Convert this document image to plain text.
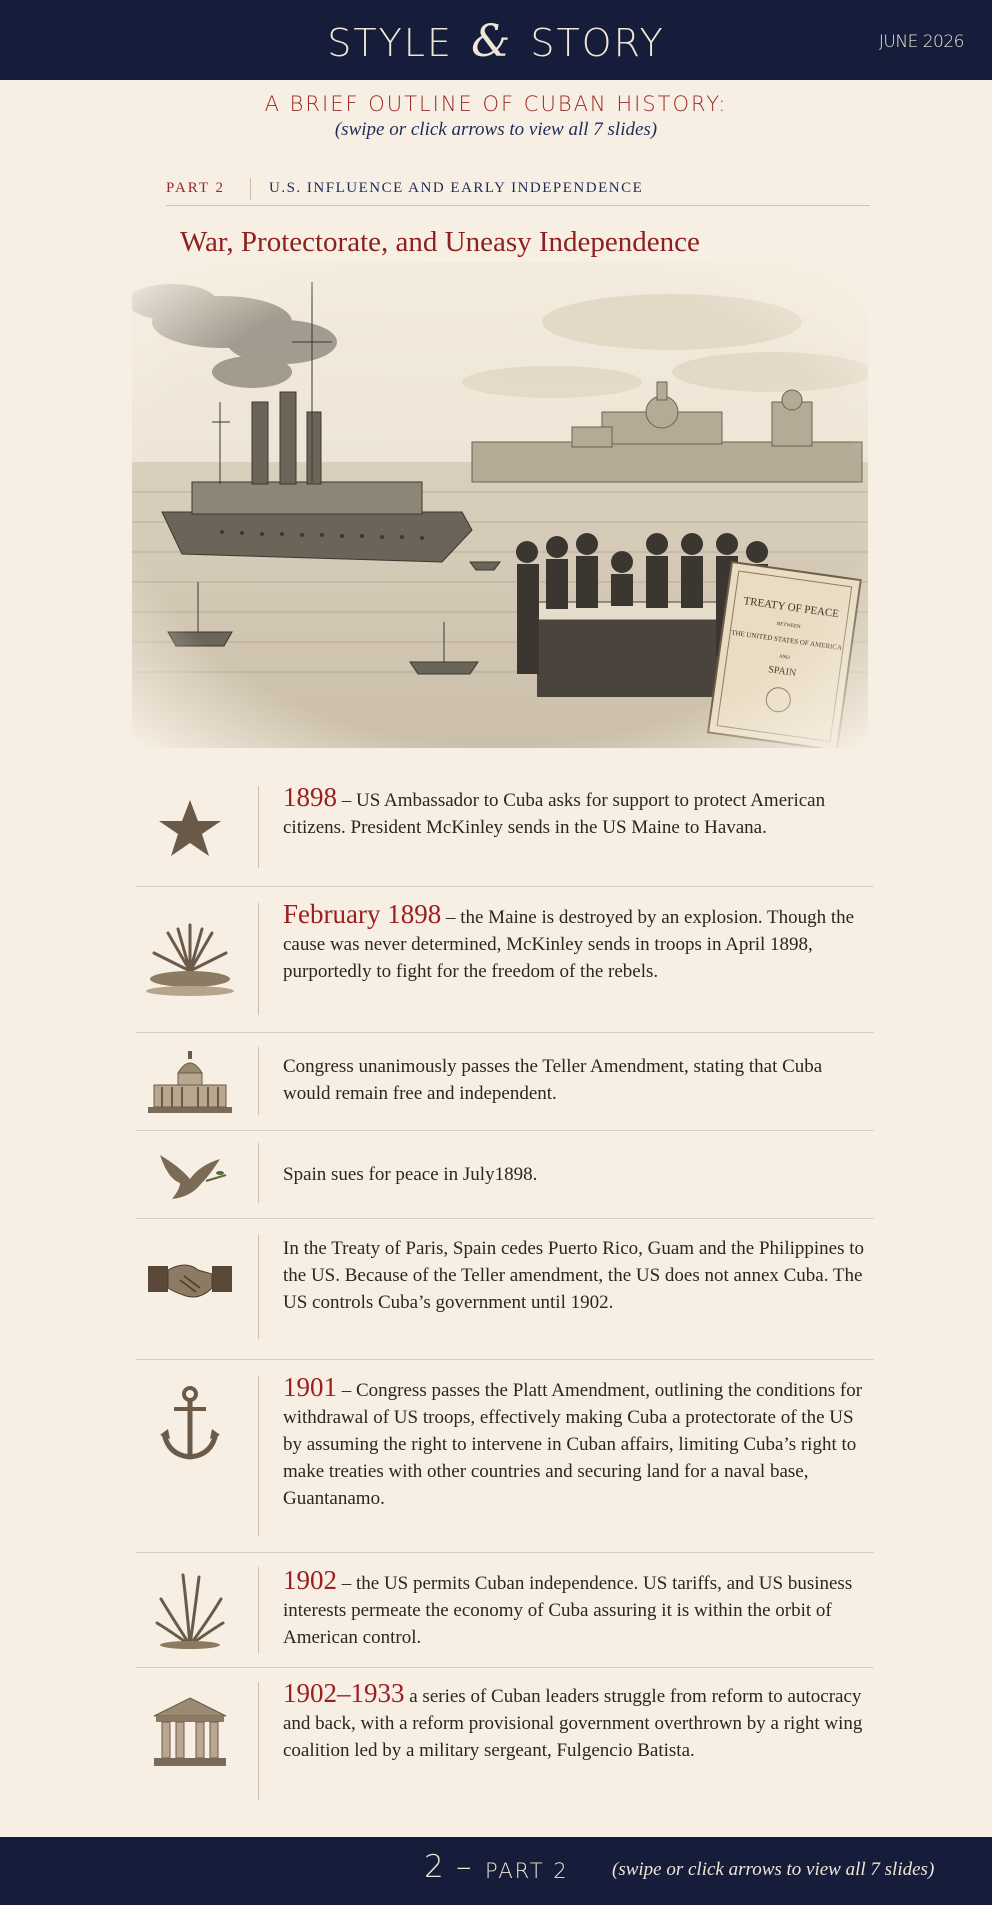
STYLE & STORY	JUNE 2026
A BRIEF OUTLINE OF CUBAN HISTORY:
(swipe or click arrows to view all 7 slides)
PART 2	U.S. INFLUENCE AND EARLY INDEPENDENCE
War, Protectorate, and Uneasy Independence
1898 – US Ambassador to Cuba asks for support to protect American citizens. President McKinley sends in the US Maine to Havana.
February 1898 – the Maine is destroyed by an explosion. Though the cause was never determined, McKinley sends in troops in April 1898, purportedly to fight for the freedom of the rebels.
Congress unanimously passes the Teller Amendment, stating that Cuba would remain free and independent.
Spain sues for peace in July1898.
In the Treaty of Paris, Spain cedes Puerto Rico, Guam and the Philippines to the US. Because of the Teller amendment, the US does not annex Cuba. The US controls Cuba’s government until 1902.
1901 – Congress passes the Platt Amendment, outlining the conditions for withdrawal of US troops, effectively making Cuba a protectorate of the US by assuming the right to intervene in Cuban affairs, limiting Cuba’s right to make treaties with other countries and securing land for a naval base, Guantanamo.
1902 – the US permits Cuban independence. US tariffs, and US business interests permeate the economy of Cuba assuring it is within the orbit of American control.
1902–1933 a series of Cuban leaders struggle from reform to autocracy and back, with a reform provisional government overthrown by a right wing coalition led by a military sergeant, Fulgencio Batista.
2 – PART 2 (swipe or click arrows to view all 7 slides)
